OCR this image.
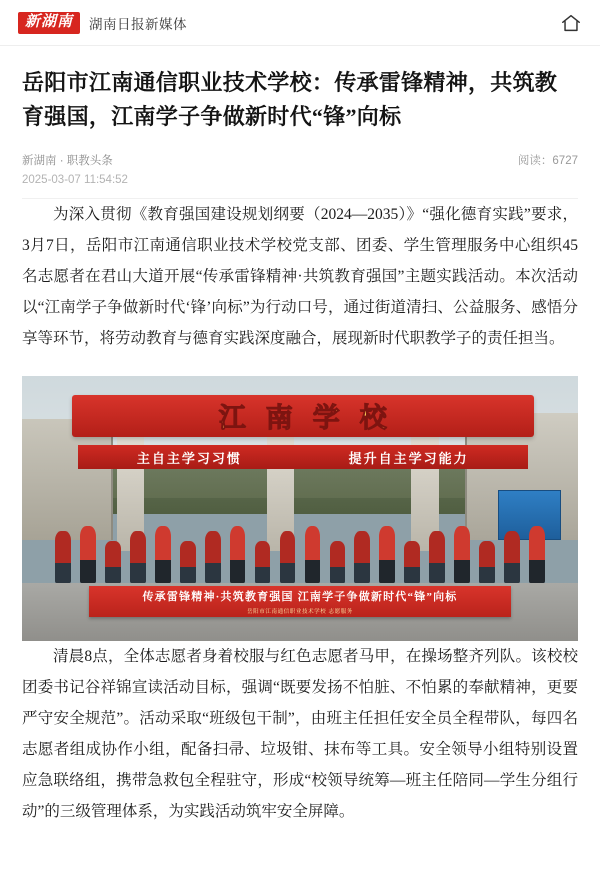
新湖南	湖南日报新媒体
岳阳市江南通信职业技术学校：传承雷锋精神，共筑教育强国，江南学子争做新时代“锋”向标
新湖南 · 职教头条	阅读：6727
2025-03-07 11:54:52

为深入贯彻《教育强国建设规划纲要（2024—2035）》“强化德育实践”要求，3月7日，岳阳市江南通信职业技术学校党支部、团委、学生管理服务中心组织45名志愿者在君山大道开展“传承雷锋精神·共筑教育强国”主题实践活动。本次活动以“江南学子争做新时代‘锋’向标”为行动口号，通过街道清扫、公益服务、感悟分享等环节，将劳动教育与德育实践深度融合，展现新时代职教学子的责任担当。

江南学校
主自主学习习惯	提升自主学习能力
传承雷锋精神·共筑教育强国 江南学子争做新时代“锋”向标
岳阳市江南通信职业技术学校 志愿服务

清晨8点，全体志愿者身着校服与红色志愿者马甲，在操场整齐列队。该校校团委书记谷祥锦宣读活动目标，强调“既要发扬不怕脏、不怕累的奉献精神，更要严守安全规范”。活动采取“班级包干制”，由班主任担任安全员全程带队，每四名志愿者组成协作小组，配备扫帚、垃圾钳、抹布等工具。安全领导小组特别设置应急联络组，携带急救包全程驻守，形成“校领导统筹—班主任陪同—学生分组行动”的三级管理体系，为实践活动筑牢安全屏障。
